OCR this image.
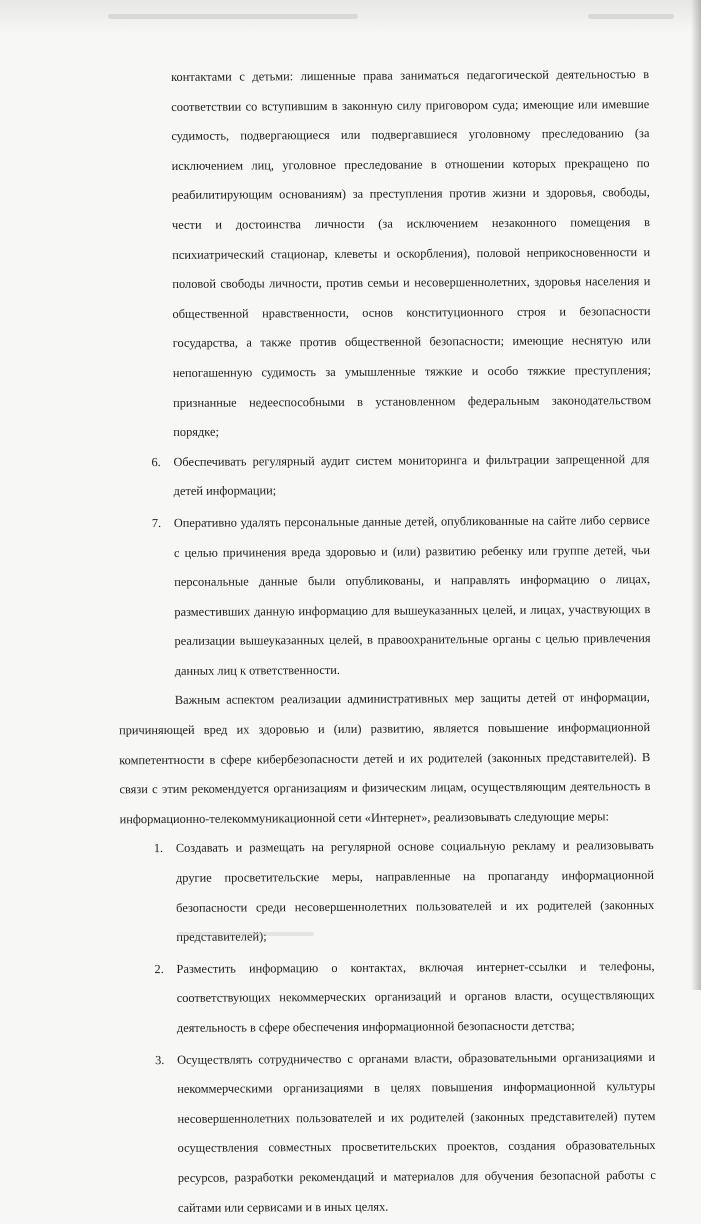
контактами с детьми: лишенные права заниматься педагогической деятельностью в соответствии со вступившим в законную силу приговором суда; имеющие или имевшие судимость, подвергающиеся или подвергавшиеся уголовному преследованию (за исключением лиц, уголовное преследование в отношении которых прекращено по реабилитирующим основаниям) за преступления против жизни и здоровья, свободы, чести и достоинства личности (за исключением незаконного помещения в психиатрический стационар, клеветы и оскорбления), половой неприкосновенности и половой свободы личности, против семьи и несовершеннолетних, здоровья населения и общественной нравственности, основ конституционного строя и безопасности государства, а также против общественной безопасности; имеющие неснятую или непогашенную судимость за умышленные тяжкие и особо тяжкие преступления; признанные недееспособными в установленном федеральным законодательством порядке;

6. Обеспечивать регулярный аудит систем мониторинга и фильтрации запрещенной для детей информации;
7. Оперативно удалять персональные данные детей, опубликованные на сайте либо сервисе с целью причинения вреда здоровью и (или) развитию ребенку или группе детей, чьи персональные данные были опубликованы, и направлять информацию о лицах, разместивших данную информацию для вышеуказанных целей, и лицах, участвующих в реализации вышеуказанных целей, в правоохранительные органы с целью привлечения данных лиц к ответственности.

Важным аспектом реализации административных мер защиты детей от информации, причиняющей вред их здоровью и (или) развитию, является повышение информационной компетентности в сфере кибербезопасности детей и их родителей (законных представителей). В связи с этим рекомендуется организациям и физическим лицам, осуществляющим деятельность в информационно-телекоммуникационной сети «Интернет», реализовывать следующие меры:

1. Создавать и размещать на регулярной основе социальную рекламу и реализовывать другие просветительские меры, направленные на пропаганду информационной безопасности среди несовершеннолетних пользователей и их родителей (законных представителей);
2. Разместить информацию о контактах, включая интернет-ссылки и телефоны, соответствующих некоммерческих организаций и органов власти, осуществляющих деятельность в сфере обеспечения информационной безопасности детства;
3. Осуществлять сотрудничество с органами власти, образовательными организациями и некоммерческими организациями в целях повышения информационной культуры несовершеннолетних пользователей и их родителей (законных представителей) путем осуществления совместных просветительских проектов, создания образовательных ресурсов, разработки рекомендаций и материалов для обучения безопасной работы с сайтами или сервисами и в иных целях.
